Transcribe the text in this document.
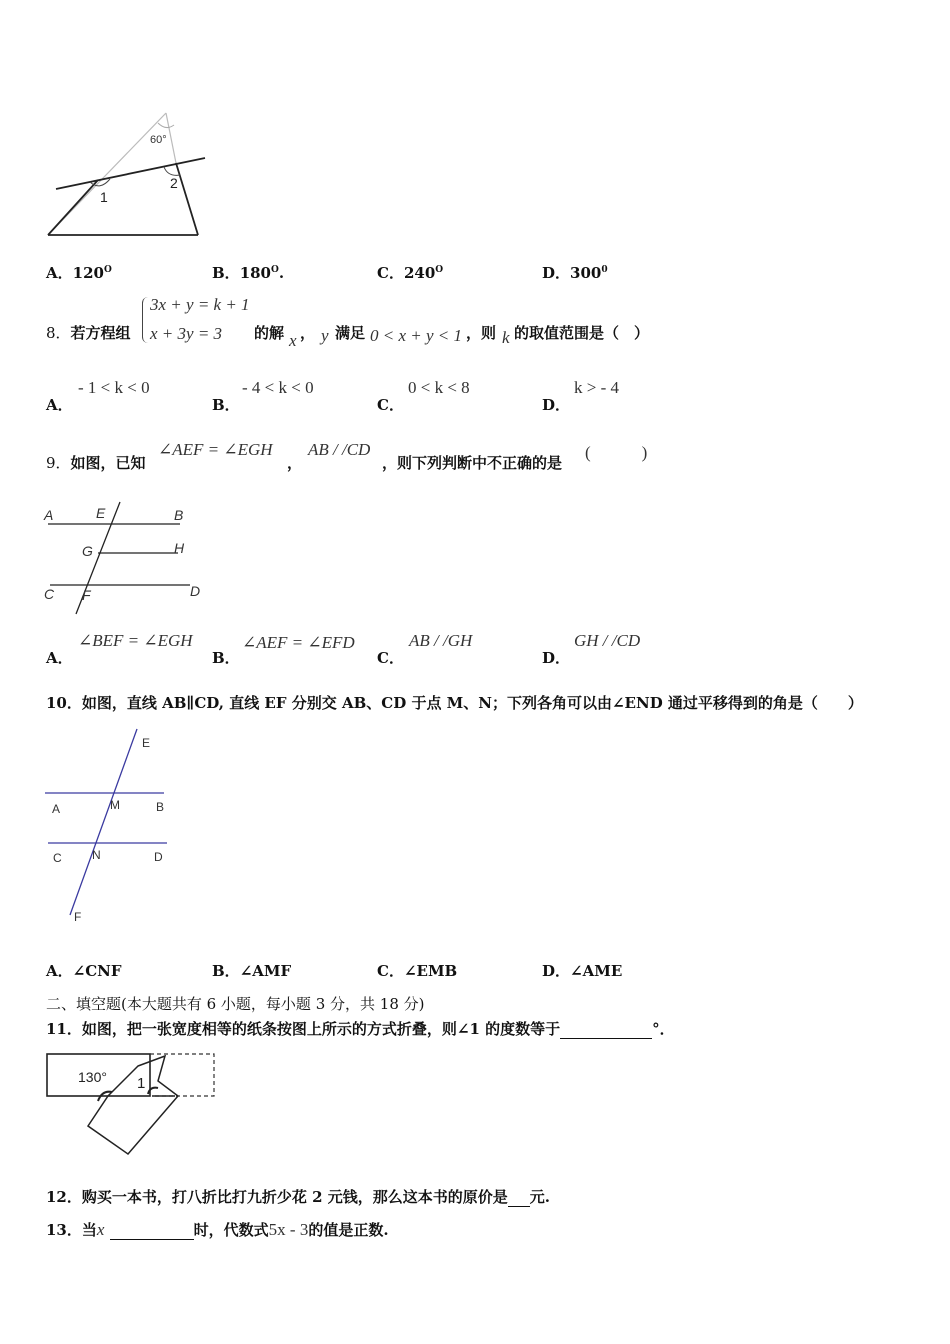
60°
1
2
A．$120^O$	B．$180^O$.	C．$240^O$	D．$300^0$
8．若方程组
3x + y = k + 1
x + 3y = 3 的解 x ， y 满足 0 < x + y < 1 ，则 k 的取值范围是（　）
A．
- 1 < k < 0
B．
- 4 < k < 0
C．
0 < k < 8
D．
k > - 4
9．如图，已知
∠AEF = ∠EGH
，
AB / /CD
，则下列判断中不正确的是
(　　　)
A	E	B
G	H
C F	D
A．
∠BEF = ∠EGH
B．
∠AEF = ∠EFD
C．
AB / /GH
D．
GH / /CD
10．如图，直线 AB∥CD, 直线 EF 分别交 AB、CD 于点 M、N；下列各角可以由∠END 通过平移得到的角是（　　）
E
A	M	B
C	N	D
F
A．∠CNF	B．∠AMF	C．∠EMB	D．∠AME
二、填空题(本大题共有 6 小题，每小题 3 分，共 18 分)
11．如图，把一张宽度相等的纸条按图上所示的方式折叠，则∠1 的度数等于	°．
130° 1
12．购买一本书，打八折比打九折少花 2 元钱，那么这本书的原价是 元.
13．当x	时，代数式5x - 3的值是正数.
